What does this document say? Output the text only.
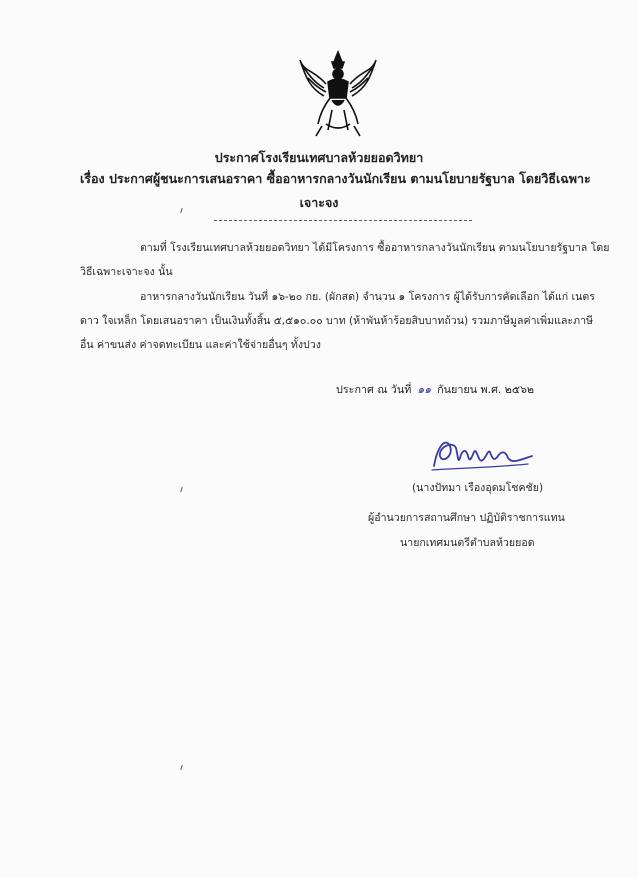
ประกาศโรงเรียนเทศบาลห้วยยอดวิทยา
เรื่อง ประกาศผู้ชนะการเสนอราคา ซื้ออาหารกลางวันนักเรียน ตามนโยบายรัฐบาล โดยวิธีเฉพาะ
เจาะจง
ตามที่ โรงเรียนเทศบาลห้วยยอดวิทยา ได้มีโครงการ ซื้ออาหารกลางวันนักเรียน ตามนโยบายรัฐบาล โดย
วิธีเฉพาะเจาะจง นั้น
อาหารกลางวันนักเรียน วันที่ ๑๖-๒๐ กย. (ผักสด) จำนวน ๑ โครงการ ผู้ได้รับการคัดเลือก ได้แก่ เนตร
ดาว ใจเหล็ก โดยเสนอราคา เป็นเงินทั้งสิ้น ๕,๕๑๐.๐๐ บาท (ห้าพันห้าร้อยสิบบาทถ้วน) รวมภาษีมูลค่าเพิ่มและภาษี
อื่น ค่าขนส่ง ค่าจดทะเบียน และค่าใช้จ่ายอื่นๆ ทั้งปวง
ประกาศ ณ วันที่ ๑๑ กันยายน พ.ศ. ๒๕๖๒
(นางปัทมา เรืองอุดมโชคชัย)
ผู้อำนวยการสถานศึกษา ปฏิบัติราชการแทน
นายกเทศมนตรีตำบลห้วยยอด
